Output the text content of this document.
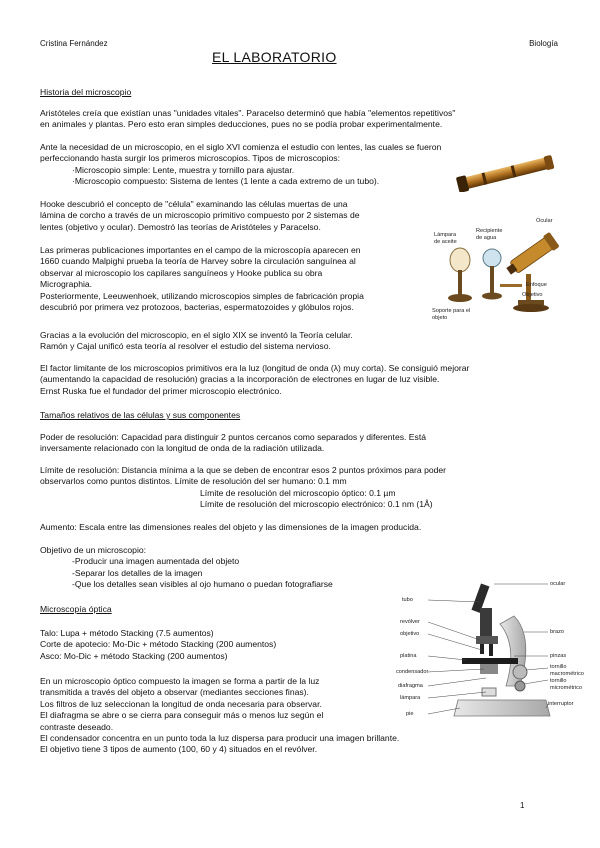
Cristina Fernández	Biología
EL LABORATORIO
Historia del microscopio

Aristóteles creía que existían unas "unidades vitales". Paracelso determinó que había "elementos repetitivos"

en animales y plantas. Pero esto eran simples deducciones, pues no se podía probar experimentalmente.

Ante la necesidad de un microscopio, en el siglo XVI comienza el estudio con lentes, las cuales se fueron

perfeccionando hasta surgir los primeros microscopios. Tipos de microscopios:

·Microscopio simple: Lente, muestra y tornillo para ajustar.

·Microscopio compuesto: Sistema de lentes (1 lente a cada extremo de un tubo).

Hooke descubrió el concepto de "célula" examinando las células muertas de una

lámina de corcho a través de un microscopio primitivo compuesto por 2 sistemas de

lentes (objetivo y ocular). Demostró las teorías de Aristóteles y Paracelso.

Las primeras publicaciones importantes en el campo de la microscopía aparecen en

1660 cuando Malpighi prueba la teoría de Harvey sobre la circulación sanguínea al

observar al microscopio los capilares sanguíneos y Hooke publica su obra

Micrographia.

Posteriormente, Leeuwenhoek, utilizando microscopios simples de fabricación propia

descubrió por primera vez protozoos, bacterias, espermatozoides y glóbulos rojos.

Lámpara de aceite
Recipiente de agua
Ocular
Enfoque
Objetivo
Soporte para el objeto

Gracias a la evolución del microscopio, en el siglo XIX se inventó la Teoría celular.

Ramón y Cajal unificó esta teoría al resolver el estudio del sistema nervioso.

El factor limitante de los microscopios primitivos era la luz (longitud de onda (λ) muy corta). Se consiguió mejorar

(aumentando la capacidad de resolución) gracias a la incorporación de electrones en lugar de luz visible.

Ernst Ruska fue el fundador del primer microscopio electrónico.

Tamaños relativos de las células y sus componentes

Poder de resolución: Capacidad para distinguir 2 puntos cercanos como separados y diferentes. Está

inversamente relacionado con la longitud de onda de la radiación utilizada.

Límite de resolución: Distancia mínima a la que se deben de encontrar esos 2 puntos próximos para poder

observarlos como puntos distintos. Límite de resolución del ser humano: 0.1 mm

Límite de resolución del microscopio óptico: 0.1 µm

Límite de resolución del microscopio electrónico: 0.1 nm (1Å)

Aumento: Escala entre las dimensiones reales del objeto y las dimensiones de la imagen producida.

Objetivo de un microscopio:

-Producir una imagen aumentada del objeto

-Separar los detalles de la imagen

-Que los detalles sean visibles al ojo humano o puedan fotografiarse

Microscopía óptica

Talo: Lupa + método Stacking (7.5 aumentos)

Corte de apotecio: Mo-Dic + método Stacking (200 aumentos)

Asco: Mo-Dic + método Stacking (200 aumentos)

En un microscopio óptico compuesto la imagen se forma a partir de la luz

transmitida a través del objeto a observar (mediantes secciones finas).

Los filtros de luz seleccionan la longitud de onda necesaria para observar.

El diafragma se abre o se cierra para conseguir más o menos luz según el

contraste deseado.

El condensador concentra en un punto toda la luz dispersa para producir una imagen brillante.

El objetivo tiene 3 tipos de aumento (100, 60 y 4) situados en el revólver.

tubo
revólver
objetivo
platina
condensador
diafragma
lámpara
pie
ocular
brazo
pinzas
tornillo macrométrico
tornillo micrométrico
interruptor
1
